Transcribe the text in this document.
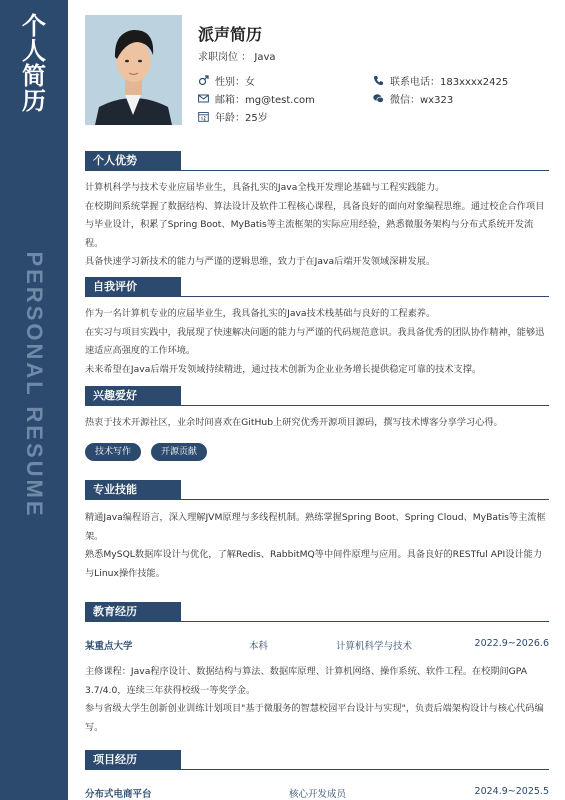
个
人
简
历
PERSONAL RESUME
派声简历
求职岗位 ： Java
性别：女	联系电话：183xxxx2425
邮箱：mg@test.com	微信：wx323
年龄：25岁
个人优势

计算机科学与技术专业应届毕业生，具备扎实的Java全栈开发理论基础与工程实践能力。

在校期间系统掌握了数据结构、算法设计及软件工程核心课程，具备良好的面向对象编程思维。通过校企合作项目与毕业设计，积累了Spring Boot、MyBatis等主流框架的实际应用经验，熟悉微服务架构与分布式系统开发流程。

具备快速学习新技术的能力与严谨的逻辑思维，致力于在Java后端开发领域深耕发展。

自我评价

作为一名计算机专业的应届毕业生，我具备扎实的Java技术栈基础与良好的工程素养。

在实习与项目实践中，我展现了快速解决问题的能力与严谨的代码规范意识。我具备优秀的团队协作精神，能够迅速适应高强度的工作环境。

未来希望在Java后端开发领域持续精进，通过技术创新为企业业务增长提供稳定可靠的技术支撑。

兴趣爱好

热衷于技术开源社区，业余时间喜欢在GitHub上研究优秀开源项目源码，撰写技术博客分享学习心得。

技术写作	开源贡献
专业技能

精通Java编程语言，深入理解JVM原理与多线程机制。熟练掌握Spring Boot、Spring Cloud、MyBatis等主流框架。

熟悉MySQL数据库设计与优化，了解Redis、RabbitMQ等中间件原理与应用。具备良好的RESTful API设计能力与Linux操作技能。

教育经历
某重点大学	本科	计算机科学与技术	2022.9~2026.6

主修课程：Java程序设计、数据结构与算法、数据库原理、计算机网络、操作系统、软件工程。在校期间GPA 3.7/4.0，连续三年获得校级一等奖学金。

参与省级大学生创新创业训练计划项目"基于微服务的智慧校园平台设计与实现"，负责后端架构设计与核心代码编写。

项目经历
分布式电商平台	核心开发成员	2024.9~2025.5
